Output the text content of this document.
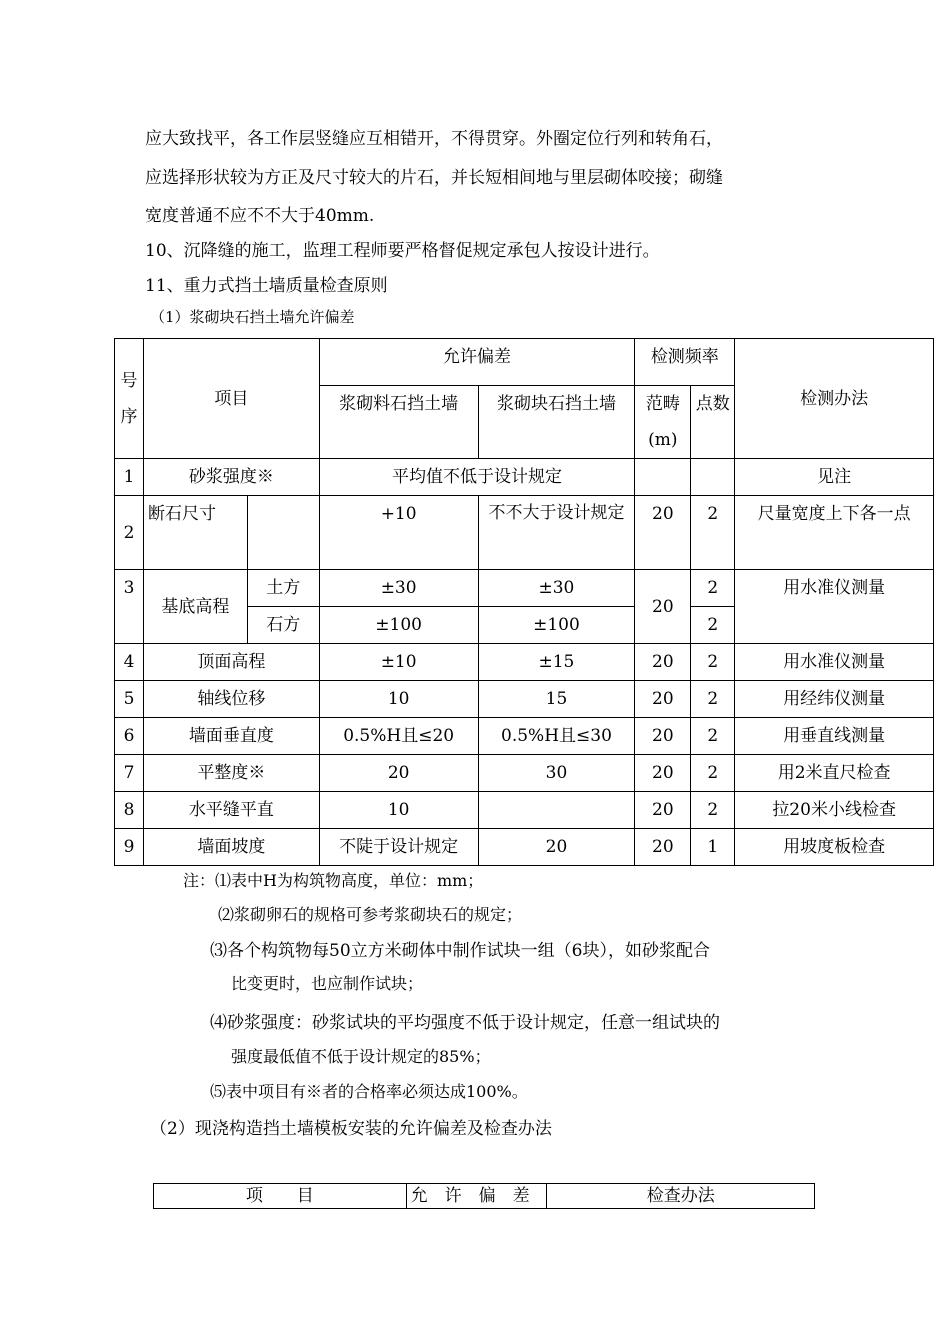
应大致找平，各工作层竖缝应互相错开，不得贯穿。外圈定位行列和转角石，
应选择形状较为方正及尺寸较大的片石，并长短相间地与里层砌体咬接；砌缝
宽度普通不应不不大于40mm.
10、沉降缝的施工，监理工程师要严格督促规定承包人按设计进行。
11、重力式挡土墙质量检查原则
（1）浆砌块石挡土墙允许偏差
号序	项目		允许偏差		检测频率		检测办法
			浆砌料石挡土墙	浆砌块石挡土墙	范畴(m)	点数	
1	砂浆强度※		平均值不低于设计规定				见注
2	断石尺寸		+10	不不大于设计规定	20	2	尺量宽度上下各一点
3	基底高程	土方	±30	±30	20	2	用水准仪测量
		石方	±100	±100		2	
4	顶面高程		±10	±15	20	2	用水准仪测量
5	轴线位移		10	15	20	2	用经纬仪测量
6	墙面垂直度		0.5%H且≤20	0.5%H且≤30	20	2	用垂直线测量
7	平整度※		20	30	20	2	用2米直尺检查
8	水平缝平直		10		20	2	拉20米小线检查
9	墙面坡度		不陡于设计规定	20	20	1	用坡度板检查
注：⑴表中H为构筑物高度，单位：mm；
⑵浆砌卵石的规格可参考浆砌块石的规定；
⑶各个构筑物每50立方米砌体中制作试块一组（6块），如砂浆配合
比变更时，也应制作试块；
⑷砂浆强度：砂浆试块的平均强度不低于设计规定，任意一组试块的
强度最低值不低于设计规定的85%；
⑸表中项目有※者的合格率必须达成100%。
（2）现浇构造挡土墙模板安装的允许偏差及检查办法
项　　目	允　许　偏　差	检查办法
